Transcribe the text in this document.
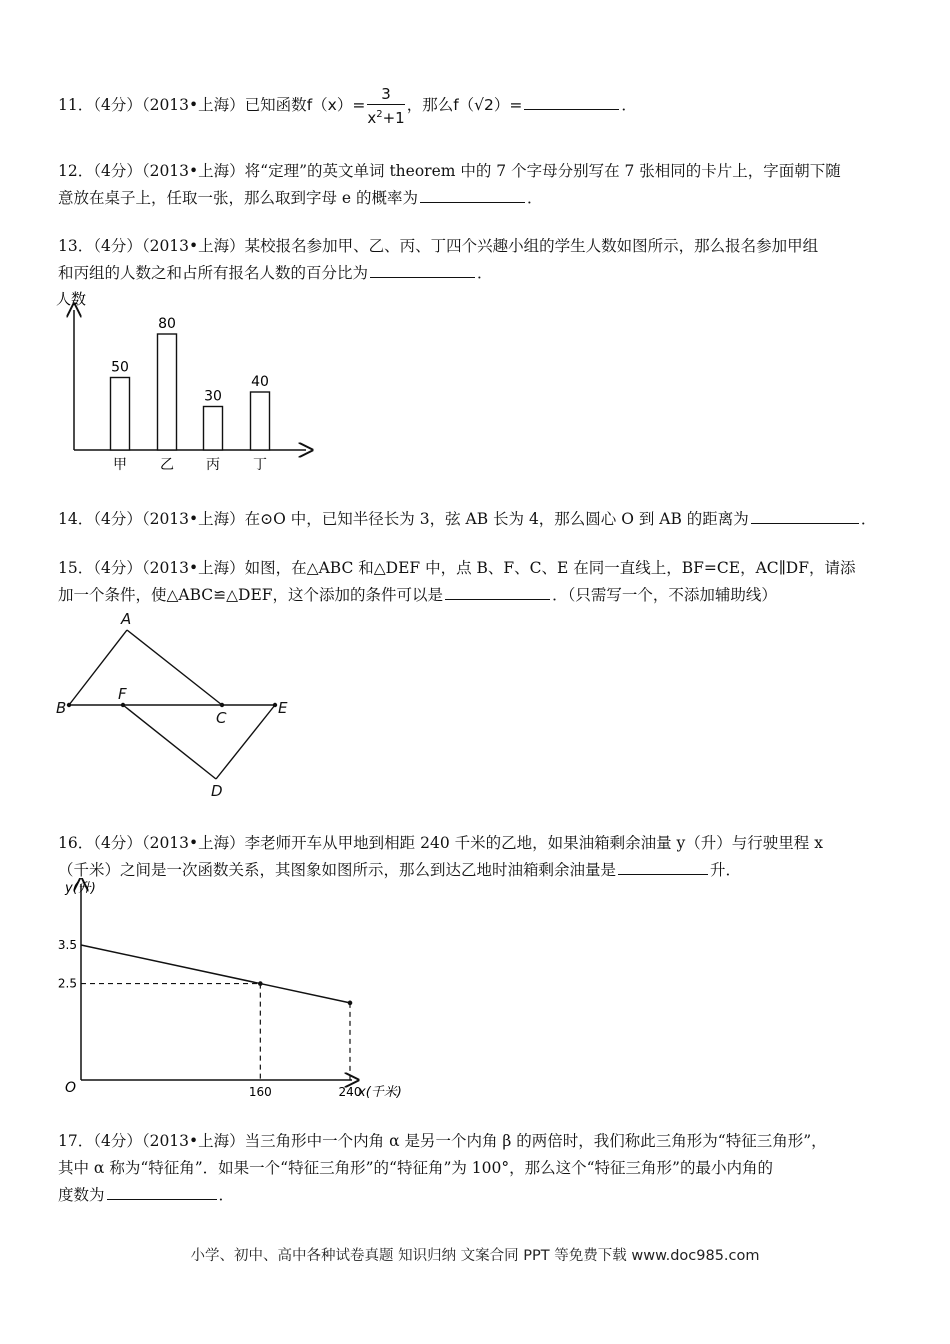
11．（4分）（2013•上海）已知函数$f(x)= \frac{3}{x^2+1}$ ，那么f（√2）=	．
12．（4分）（2013•上海）将“定理”的英文单词 theorem 中的 7 个字母分别写在 7 张相同的卡片上，字面朝下随
意放在桌子上，任取一张，那么取到字母 e 的概率为	．
13．（4分）（2013•上海）某校报名参加甲、乙、丙、丁四个兴趣小组的学生人数如图所示，那么报名参加甲组
和丙组的人数之和占所有报名人数的百分比为	．
人数
50
甲
80
乙
30
丙
40
丁
14．（4分）（2013•上海）在⊙O 中，已知半径长为 3，弦 AB 长为 4，那么圆心 O 到 AB 的距离为	．
15．（4分）（2013•上海）如图，在△ABC 和△DEF 中，点 B、F、C、E 在同一直线上，BF=CE，AC∥DF，请添
加一个条件，使△ABC≌△DEF，这个添加的条件可以是	．（只需写一个，不添加辅助线）
A
B
F
C
E
D
16．（4分）（2013•上海）李老师开车从甲地到相距 240 千米的乙地，如果油箱剩余油量 y（升）与行驶里程 x
（千米）之间是一次函数关系，其图象如图所示，那么到达乙地时油箱剩余油量是	升．
y(升)
x(千米)
O	160	240
3.5
2.5
17．（4分）（2013•上海）当三角形中一个内角 α 是另一个内角 β 的两倍时，我们称此三角形为“特征三角形”，
其中 α 称为“特征角”．如果一个“特征三角形”的“特征角”为 100°，那么这个“特征三角形”的最小内角的
度数为	．
小学、初中、高中各种试卷真题 知识归纳 文案合同 PPT 等免费下载 www.doc985.com
